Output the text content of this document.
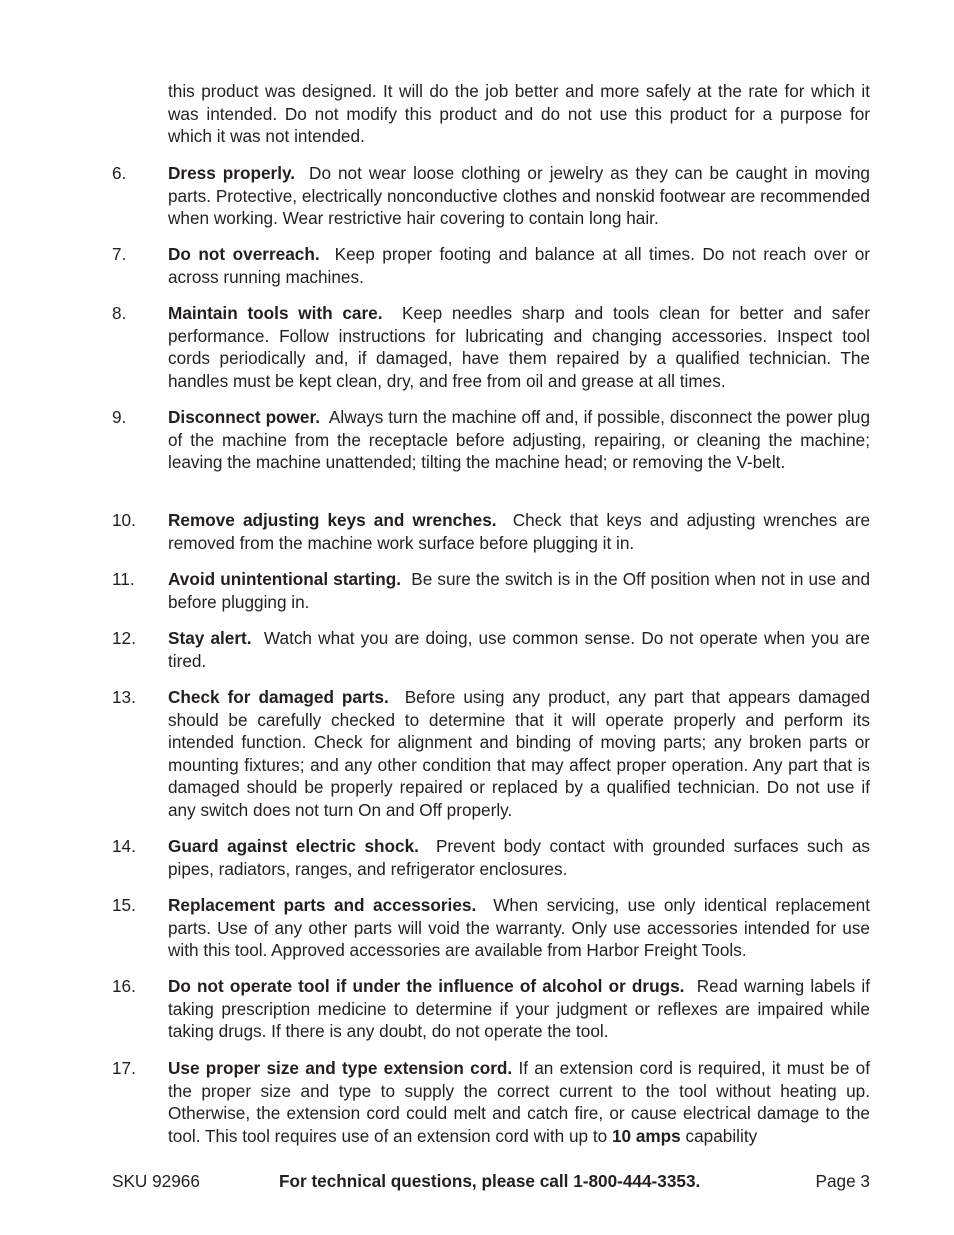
this product was designed. It will do the job better and more safely at the rate for which it was intended. Do not modify this product and do not use this product for a purpose for which it was not intended.

6.	Dress properly. Do not wear loose clothing or jewelry as they can be caught in moving parts. Protective, electrically nonconductive clothes and nonskid footwear are recommended when working. Wear restrictive hair covering to contain long hair.
7.	Do not overreach. Keep proper footing and balance at all times. Do not reach over or across running machines.
8.	Maintain tools with care. Keep needles sharp and tools clean for better and safer performance. Follow instructions for lubricating and changing accessories. Inspect tool cords periodically and, if damaged, have them repaired by a qualified technician. The handles must be kept clean, dry, and free from oil and grease at all times.
9.	Disconnect power. Always turn the machine off and, if possible, disconnect the power plug of the machine from the receptacle before adjusting, repairing, or cleaning the machine; leaving the machine unattended; tilting the machine head; or removing the V-belt.
10.	Remove adjusting keys and wrenches. Check that keys and adjusting wrenches are removed from the machine work surface before plugging it in.
11.	Avoid unintentional starting. Be sure the switch is in the Off position when not in use and before plugging in.
12.	Stay alert. Watch what you are doing, use common sense. Do not operate when you are tired.
13.	Check for damaged parts. Before using any product, any part that appears damaged should be carefully checked to determine that it will operate properly and perform its intended function. Check for alignment and binding of moving parts; any broken parts or mounting fixtures; and any other condition that may affect proper operation. Any part that is damaged should be properly repaired or replaced by a qualified technician. Do not use if any switch does not turn On and Off properly.
14.	Guard against electric shock. Prevent body contact with grounded surfaces such as pipes, radiators, ranges, and refrigerator enclosures.
15.	Replacement parts and accessories. When servicing, use only identical replacement parts. Use of any other parts will void the warranty. Only use accessories intended for use with this tool. Approved accessories are available from Harbor Freight Tools.
16.	Do not operate tool if under the influence of alcohol or drugs. Read warning labels if taking prescription medicine to determine if your judgment or reflexes are impaired while taking drugs. If there is any doubt, do not operate the tool.
17.	Use proper size and type extension cord. If an extension cord is required, it must be of the proper size and type to supply the correct current to the tool without heating up. Otherwise, the extension cord could melt and catch fire, or cause electrical damage to the tool. This tool requires use of an extension cord with up to 10 amps capability
SKU 92966	For technical questions, please call 1-800-444-3353.	Page 3
